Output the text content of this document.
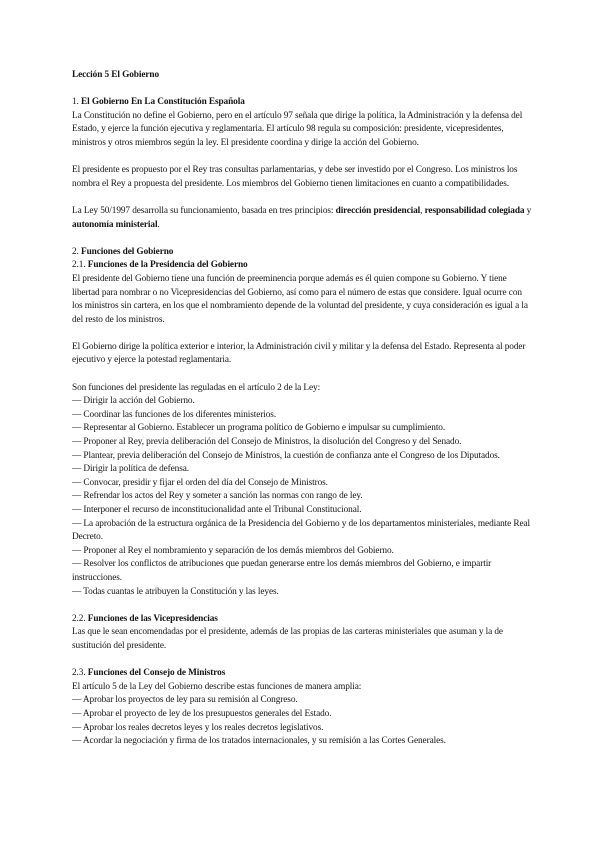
Lección 5 El Gobierno

1. El Gobierno En La Constitución Española

La Constitución no define el Gobierno, pero en el artículo 97 señala que dirige la política, la Administración y la defensa del Estado, y ejerce la función ejecutiva y reglamentaria. El artículo 98 regula su composición: presidente, vicepresidentes, ministros y otros miembros según la ley. El presidente coordina y dirige la acción del Gobierno.

El presidente es propuesto por el Rey tras consultas parlamentarias, y debe ser investido por el Congreso. Los ministros los nombra el Rey a propuesta del presidente. Los miembros del Gobierno tienen limitaciones en cuanto a compatibilidades.

La Ley 50/1997 desarrolla su funcionamiento, basada en tres principios: dirección presidencial, responsabilidad colegiada y autonomía ministerial.

2. Funciones del Gobierno

2.1. Funciones de la Presidencia del Gobierno

El presidente del Gobierno tiene una función de preeminencia porque además es él quien compone su Gobierno. Y tiene libertad para nombrar o no Vicepresidencias del Gobierno, así como para el número de estas que considere. Igual ocurre con los ministros sin cartera, en los que el nombramiento depende de la voluntad del presidente, y cuya consideración es igual a la del resto de los ministros.

El Gobierno dirige la política exterior e interior, la Administración civil y militar y la defensa del Estado. Representa al poder ejecutivo y ejerce la potestad reglamentaria.

Son funciones del presidente las reguladas en el artículo 2 de la Ley:

— Dirigir la acción del Gobierno.

— Coordinar las funciones de los diferentes ministerios.

— Representar al Gobierno. Establecer un programa político de Gobierno e impulsar su cumplimiento.

— Proponer al Rey, previa deliberación del Consejo de Ministros, la disolución del Congreso y del Senado.

— Plantear, previa deliberación del Consejo de Ministros, la cuestión de confianza ante el Congreso de los Diputados.

— Dirigir la política de defensa.

— Convocar, presidir y fijar el orden del día del Consejo de Ministros.

— Refrendar los actos del Rey y someter a sanción las normas con rango de ley.

— Interponer el recurso de inconstitucionalidad ante el Tribunal Constitucional.

— La aprobación de la estructura orgánica de la Presidencia del Gobierno y de los departamentos ministeriales, mediante Real Decreto.

— Proponer al Rey el nombramiento y separación de los demás miembros del Gobierno.

— Resolver los conflictos de atribuciones que puedan generarse entre los demás miembros del Gobierno, e impartir instrucciones.

— Todas cuantas le atribuyen la Constitución y las leyes.

2.2. Funciones de las Vicepresidencias

Las que le sean encomendadas por el presidente, además de las propias de las carteras ministeriales que asuman y la de sustitución del presidente.

2.3. Funciones del Consejo de Ministros

El artículo 5 de la Ley del Gobierno describe estas funciones de manera amplia:

— Aprobar los proyectos de ley para su remisión al Congreso.

— Aprobar el proyecto de ley de los presupuestos generales del Estado.

— Aprobar los reales decretos leyes y los reales decretos legislativos.

— Acordar la negociación y firma de los tratados internacionales, y su remisión a las Cortes Generales.
